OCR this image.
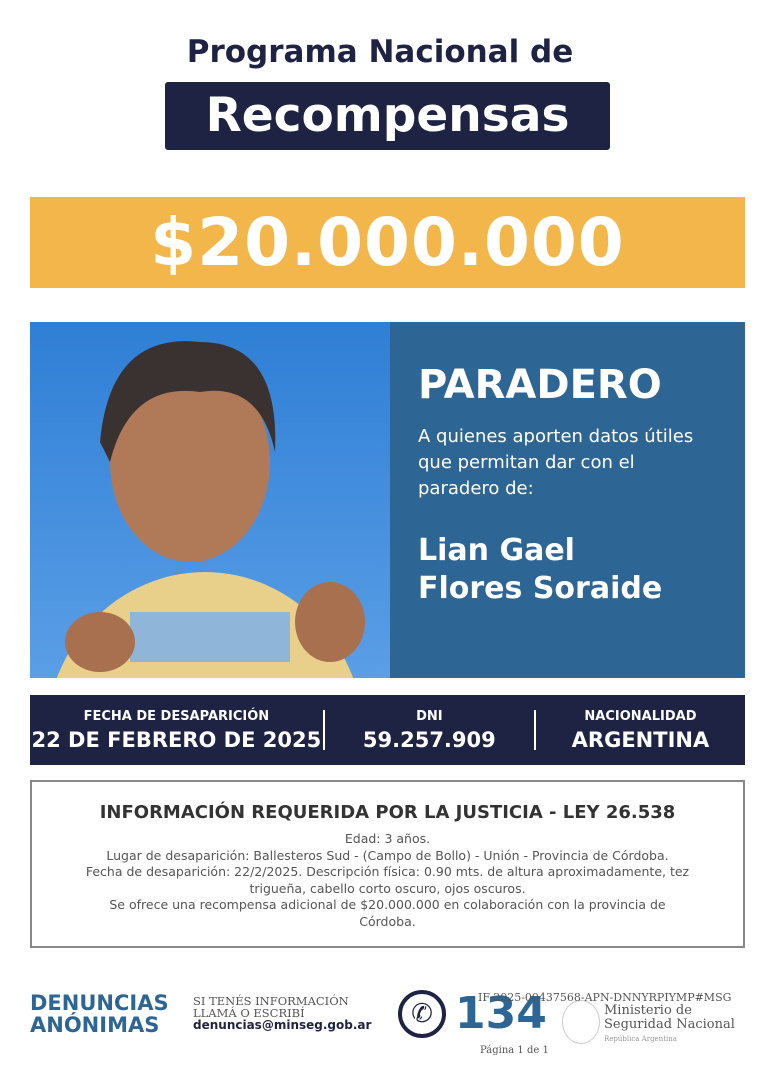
Programa Nacional de
Recompensas
$20.000.000
PARADERO
A quienes aporten datos útiles que permitan dar con el paradero de:
Lian Gael
Flores Soraide
FECHA DE DESAPARICIÓN
22 DE FEBRERO DE 2025
DNI
59.257.909
NACIONALIDAD
ARGENTINA
INFORMACIÓN REQUERIDA POR LA JUSTICIA - LEY 26.538
Edad: 3 años.
Lugar de desaparición: Ballesteros Sud - (Campo de Bollo) - Unión - Provincia de Córdoba.
Fecha de desaparición: 22/2/2025. Descripción física: 0.90 mts. de altura aproximadamente, tez trigueña, cabello corto oscuro, ojos oscuros.
Se ofrece una recompensa adicional de $20.000.000 en colaboración con la provincia de Córdoba.
DENUNCIAS
ANÓNIMAS
SI TENÉS INFORMACIÓN
LLAMÁ O ESCRIBÍ
denuncias@minseg.gob.ar	✆ 134
IF-2025-00437568-APN-DNNYRPIYMP#MSG
Ministerio de
Seguridad Nacional
República Argentina
Página 1 de 1
